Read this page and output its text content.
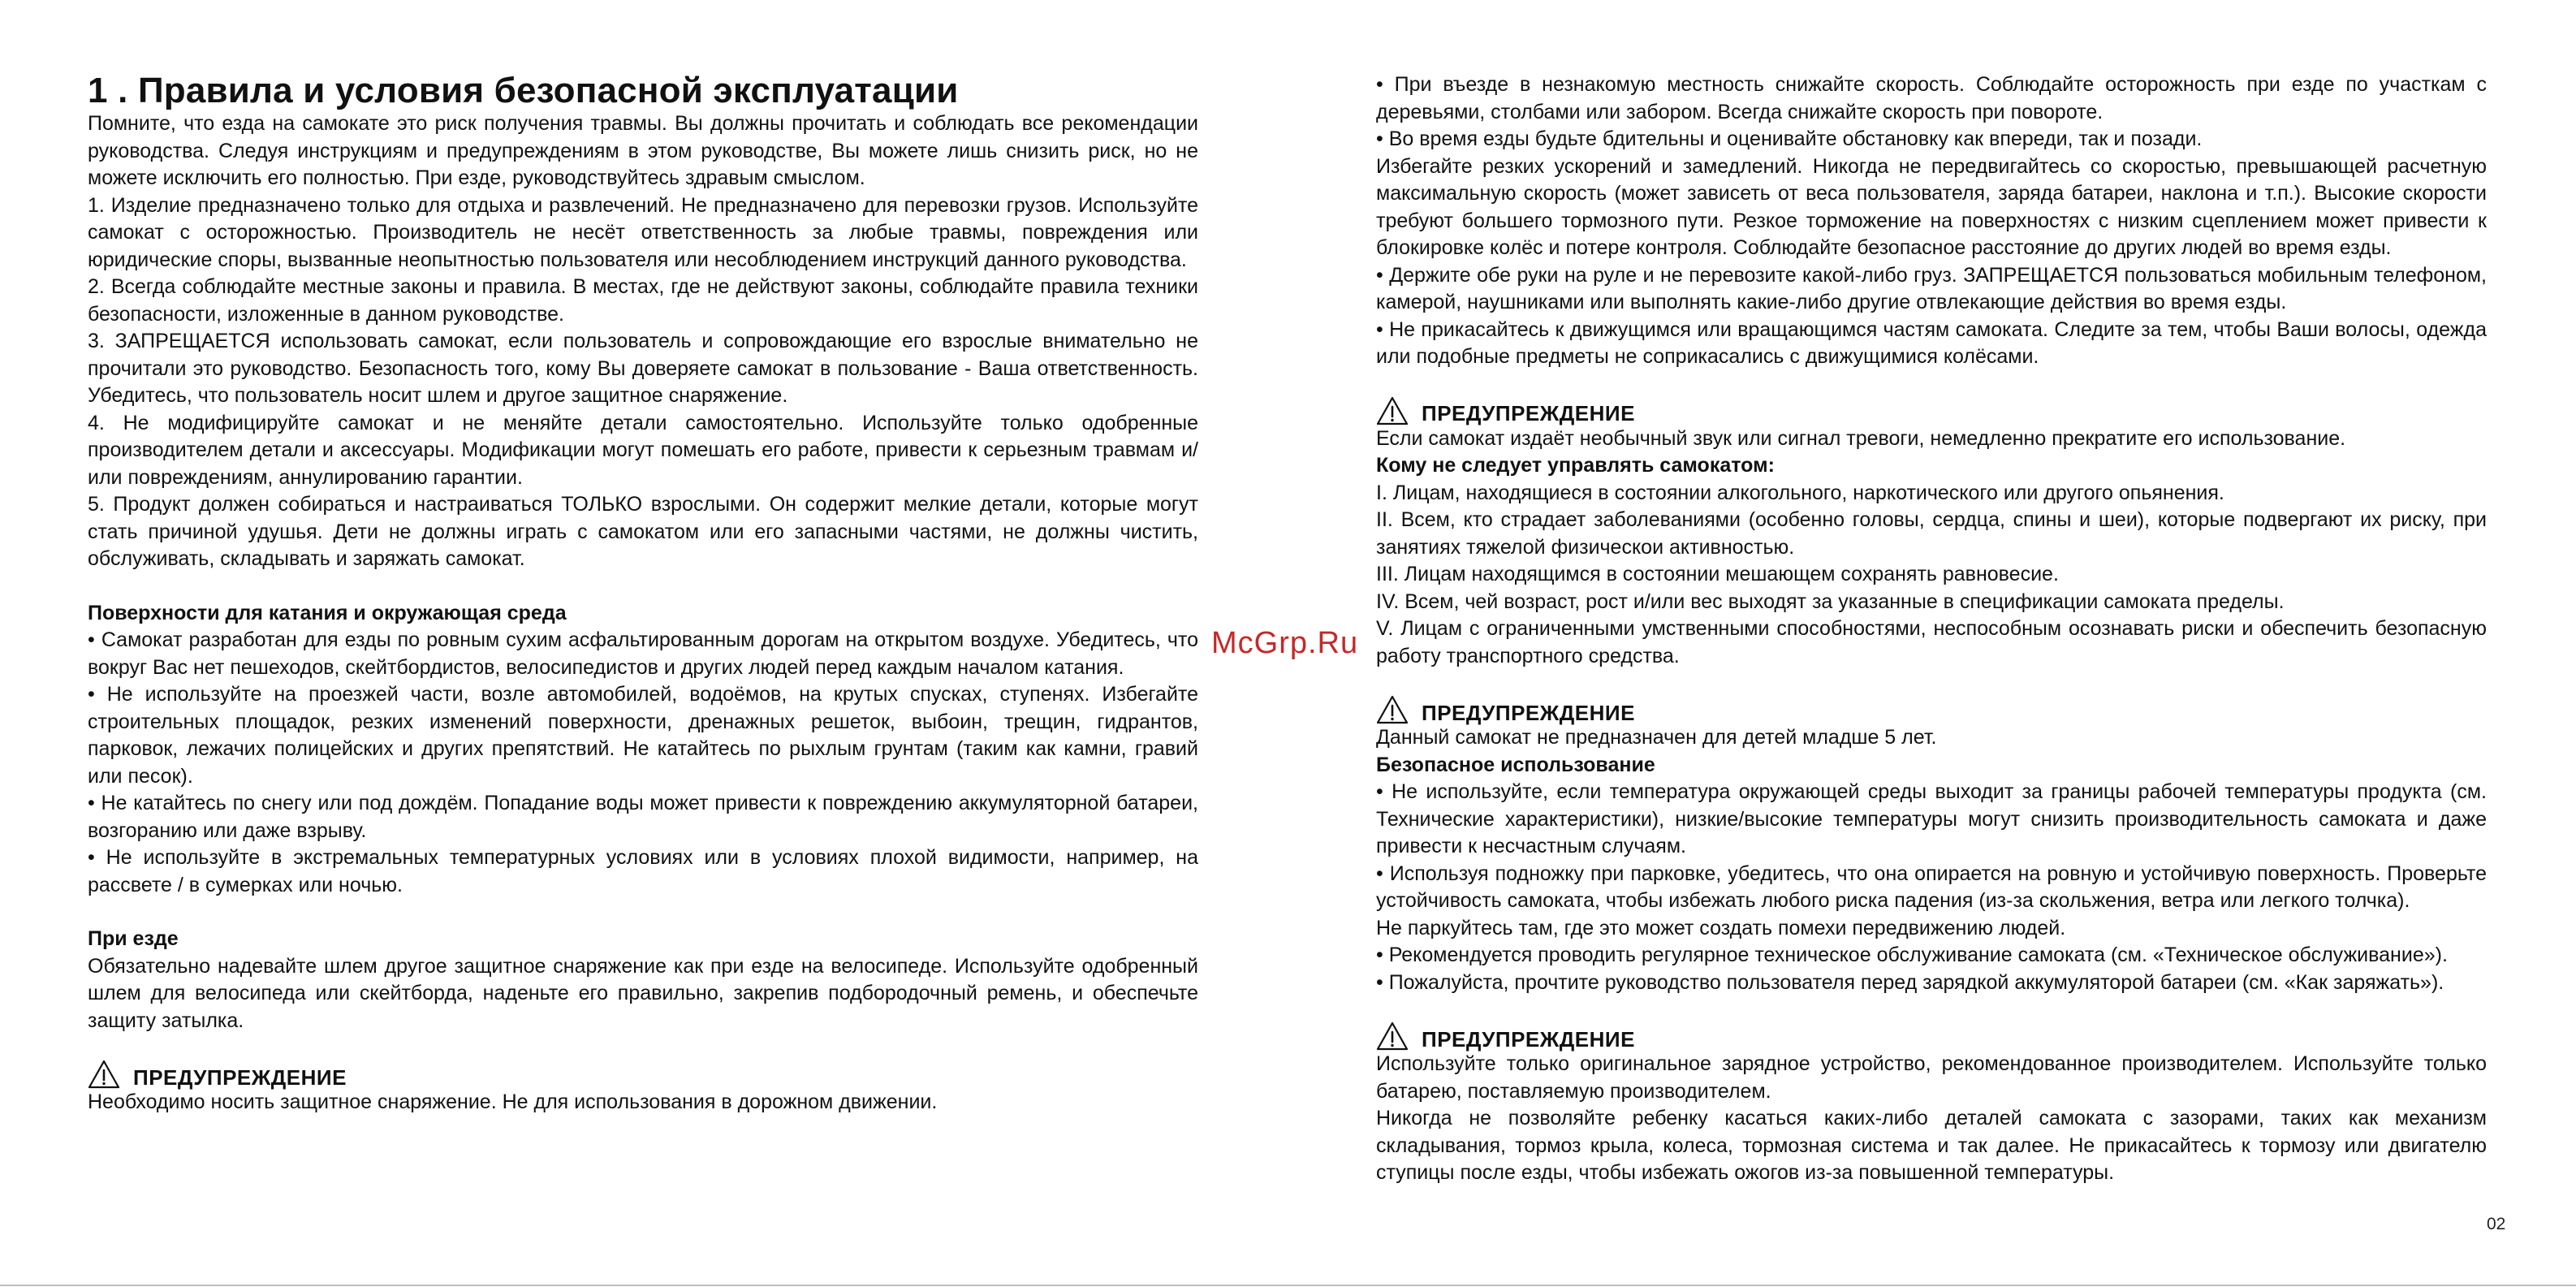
1 . Правила и условия безопасной эксплуатации

Помните, что езда на самокате это риск получения травмы. Вы должны прочитать и соблюдать все рекомендации руководства. Следуя инструкциям и предупреждениям в этом руководстве, Вы можете лишь снизить риск, но не можете исключить его полностью. При езде, руководствуйтесь здравым смыслом.

1. Изделие предназначено только для отдыха и развлечений. Не предназначено для перевозки грузов. Используйте самокат с осторожностью. Производитель не несёт ответственность за любые травмы, повреждения или юридические споры, вызванные неопытностью пользователя или несоблюдением инструкций данного руководства.

2. Всегда соблюдайте местные законы и правила. В местах, где не действуют законы, соблюдайте правила техники безопасности, изложенные в данном руководстве.

3. ЗАПРЕЩАЕТСЯ использовать самокат, если пользователь и сопровождающие его взрослые внимательно не прочитали это руководство. Безопасность того, кому Вы доверяете самокат в пользование - Ваша ответственность. Убедитесь, что пользователь носит шлем и другое защитное снаряжение.

4. Не модифицируйте самокат и не меняйте детали самостоятельно. Используйте только одобренные производителем детали и аксессуары. Модификации могут помешать его работе, привести к серьезным травмам и/или повреждениям, аннулированию гарантии.

5. Продукт должен собираться и настраиваться ТОЛЬКО взрослыми. Он содержит мелкие детали, которые могут стать причиной удушья. Дети не должны играть с самокатом или его запасными частями, не должны чистить, обслуживать, складывать и заряжать самокат.

Поверхности для катания и окружающая среда

• Самокат разработан для езды по ровным сухим асфальтированным дорогам на открытом воздухе. Убедитесь, что вокруг Вас нет пешеходов, скейтбордистов, велосипедистов и других людей перед каждым началом катания.

• Не используйте на проезжей части, возле автомобилей, водоёмов, на крутых спусках, ступенях. Избегайте строительных площадок, резких изменений поверхности, дренажных решеток, выбоин, трещин, гидрантов, парковок, лежачих полицейских и других препятствий. Не катайтесь по рыхлым грунтам (таким как камни, гравий или песок).

• Не катайтесь по снегу или под дождём. Попадание воды может привести к повреждению аккумуляторной батареи, возгоранию или даже взрыву.

• Не используйте в экстремальных температурных условиях или в условиях плохой видимости, например, на рассвете / в сумерках или ночью.

При езде

Обязательно надевайте шлем другое защитное снаряжение как при езде на велосипеде. Используйте одобренный шлем для велосипеда или скейтборда, наденьте его правильно, закрепив подбородочный ремень, и обеспечьте защиту затылка.

ПРЕДУПРЕЖДЕНИЕ

Необходимо носить защитное снаряжение. Не для использования в дорожном движении.

• При въезде в незнакомую местность снижайте скорость. Соблюдайте осторожность при езде по участкам с деревьями, столбами или забором. Всегда снижайте скорость при повороте.

• Во время езды будьте бдительны и оценивайте обстановку как впереди, так и позади.

Избегайте резких ускорений и замедлений. Никогда не передвигайтесь со скоростью, превышающей расчетную максимальную скорость (может зависеть от веса пользователя, заряда батареи, наклона и т.п.). Высокие скорости требуют большего тормозного пути. Резкое торможение на поверхностях с низким сцеплением может привести к блокировке колёс и потере контроля. Соблюдайте безопасное расстояние до других людей во время езды.

• Держите обе руки на руле и не перевозите какой-либо груз. ЗАПРЕЩАЕТСЯ пользоваться мобильным телефоном, камерой, наушниками или выполнять какие-либо другие отвлекающие действия во время езды.

• Не прикасайтесь к движущимся или вращающимся частям самоката. Следите за тем, чтобы Ваши волосы, одежда или подобные предметы не соприкасались с движущимися колёсами.

ПРЕДУПРЕЖДЕНИЕ

Если самокат издаёт необычный звук или сигнал тревоги, немедленно прекратите его использование.

Кому не следует управлять самокатом:

I. Лицам, находящиеся в состоянии алкогольного, наркотического или другого опьянения.

II. Всем, кто страдает заболеваниями (особенно головы, сердца, спины и шеи), которые подвергают их риску, при занятиях тяжелой физическои активностью.

III. Лицам находящимся в состоянии мешающем сохранять равновесие.

IV. Всем, чей возраст, рост и/или вес выходят за указанные в спецификации самоката пределы.

V. Лицам с ограниченными умственными способностями, неспособным осознавать риски и обеспечить безопасную работу транспортного средства.

ПРЕДУПРЕЖДЕНИЕ

Данный самокат не предназначен для детей младше 5 лет.

Безопасное использование

• Не используйте, если температура окружающей среды выходит за границы рабочей температуры продукта (см. Технические характеристики), низкие/высокие температуры могут снизить производительность самоката и даже привести к несчастным случаям.

• Используя подножку при парковке, убедитесь, что она опирается на ровную и устойчивую поверхность. Проверьте устойчивость самоката, чтобы избежать любого риска падения (из-за скольжения, ветра или легкого толчка).

Не паркуйтесь там, где это может создать помехи передвижению людей.

• Рекомендуется проводить регулярное техническое обслуживание самоката (см. «Техническое обслуживание»).

• Пожалуйста, прочтите руководство пользователя перед зарядкой аккумуляторой батареи (см. «Как заряжать»).

ПРЕДУПРЕЖДЕНИЕ

Используйте только оригинальное зарядное устройство, рекомендованное производителем. Используйте только батарею, поставляемую производителем.

Никогда не позволяйте ребенку касаться каких-либо деталей самоката с зазорами, таких как механизм складывания, тормоз крыла, колеса, тормозная система и так далее. Не прикасайтесь к тормозу или двигателю ступицы после езды, чтобы избежать ожогов из-за повышенной температуры.

McGrp.Ru
02
